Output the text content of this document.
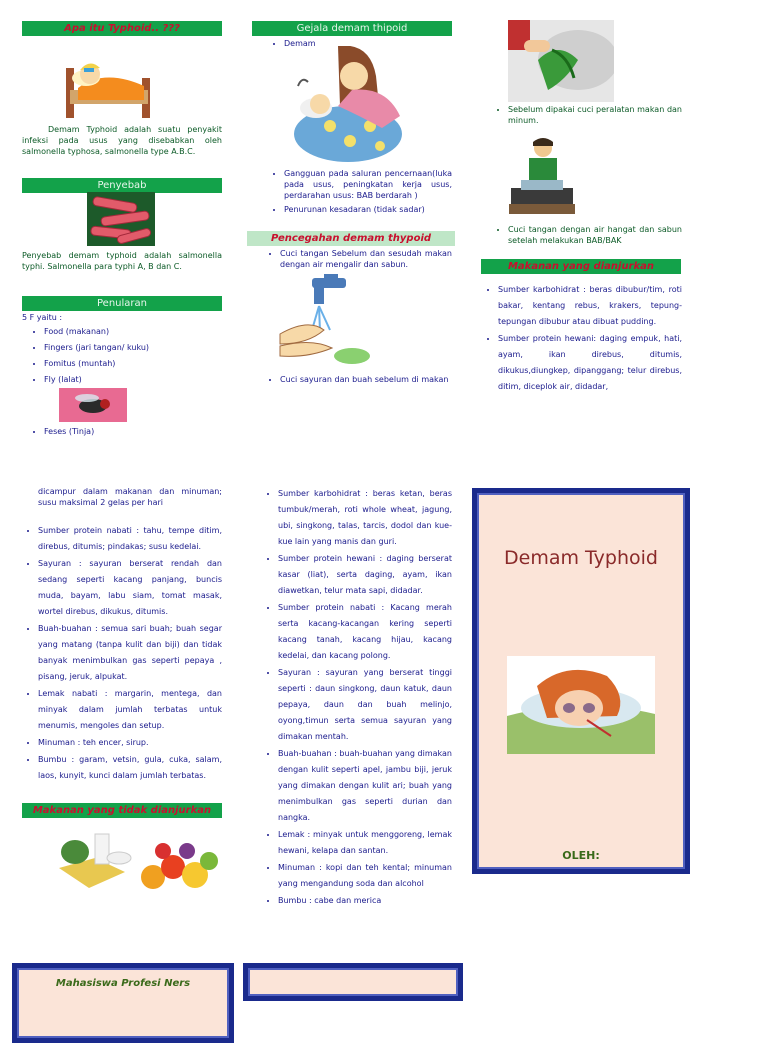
Apa itu Typhoid.. ???
Demam Typhoid adalah suatu penyakit infeksi pada usus yang disebabkan oleh salmonella typhosa, salmonella type A.B.C.
Penyebab
Penyebab demam typhoid adalah salmonella typhi. Salmonella para typhi A, B dan C.
Penularan
5 F yaitu :
• Food (makanan)
• Fingers (jari tangan/ kuku)
• Fomitus (muntah)
• Fly (lalat)
• Feses (Tinja)
Gejala demam thipoid
• Demam
• Gangguan pada saluran pencernaan(luka pada usus, peningkatan kerja usus, perdarahan usus: BAB berdarah )
• Penurunan kesadaran (tidak sadar)
Pencegahan demam thypoid
• Cuci tangan Sebelum dan sesudah makan dengan air mengalir dan sabun.
• Cuci sayuran dan buah sebelum di makan
• Sebelum dipakai cuci peralatan makan dan minum.
• Cuci tangan dengan air hangat dan sabun setelah melakukan BAB/BAK
Makanan yang dianjurkan
• Sumber karbohidrat : beras dibubur/tim, roti bakar, kentang rebus, krakers, tepung-tepungan dibubur atau dibuat pudding.
• Sumber protein hewani: daging empuk, hati, ayam, ikan direbus, ditumis, dikukus,diungkep, dipanggang; telur direbus, ditim, diceplok air, didadar,
dicampur dalam makanan dan minuman; susu maksimal 2 gelas per hari
• Sumber protein nabati : tahu, tempe ditim, direbus, ditumis; pindakas; susu kedelai.
• Sayuran : sayuran berserat rendah dan sedang seperti kacang panjang, buncis muda, bayam, labu siam, tomat masak, wortel direbus, dikukus, ditumis.
• Buah-buahan : semua sari buah; buah segar yang matang (tanpa kulit dan biji) dan tidak banyak menimbulkan gas seperti pepaya , pisang, jeruk, alpukat.
• Lemak nabati : margarin, mentega, dan minyak dalam jumlah terbatas untuk menumis, mengoles dan setup.
• Minuman : teh encer, sirup.
• Bumbu : garam, vetsin, gula, cuka, salam, laos, kunyit, kunci dalam jumlah terbatas.
Makanan yang tidak dianjurkan
• Sumber karbohidrat : beras ketan, beras tumbuk/merah, roti whole wheat, jagung, ubi, singkong, talas, tarcis, dodol dan kue-kue lain yang manis dan guri.
• Sumber protein hewani : daging berserat kasar (liat), serta daging, ayam, ikan diawetkan, telur mata sapi, didadar.
• Sumber protein nabati : Kacang merah serta kacang-kacangan kering seperti kacang tanah, kacang hijau, kacang kedelai, dan kacang polong.
• Sayuran : sayuran yang berserat tinggi seperti : daun singkong, daun katuk, daun pepaya, daun dan buah melinjo, oyong,timun serta semua sayuran yang dimakan mentah.
• Buah-buahan : buah-buahan yang dimakan dengan kulit seperti apel, jambu biji, jeruk yang dimakan dengan kulit ari; buah yang menimbulkan gas seperti durian dan nangka.
• Lemak : minyak untuk menggoreng, lemak hewani, kelapa dan santan.
• Minuman : kopi dan teh kental; minuman yang mengandung soda dan alcohol
• Bumbu : cabe dan merica
Demam Typhoid
OLEH:
Mahasiswa Profesi Ners
